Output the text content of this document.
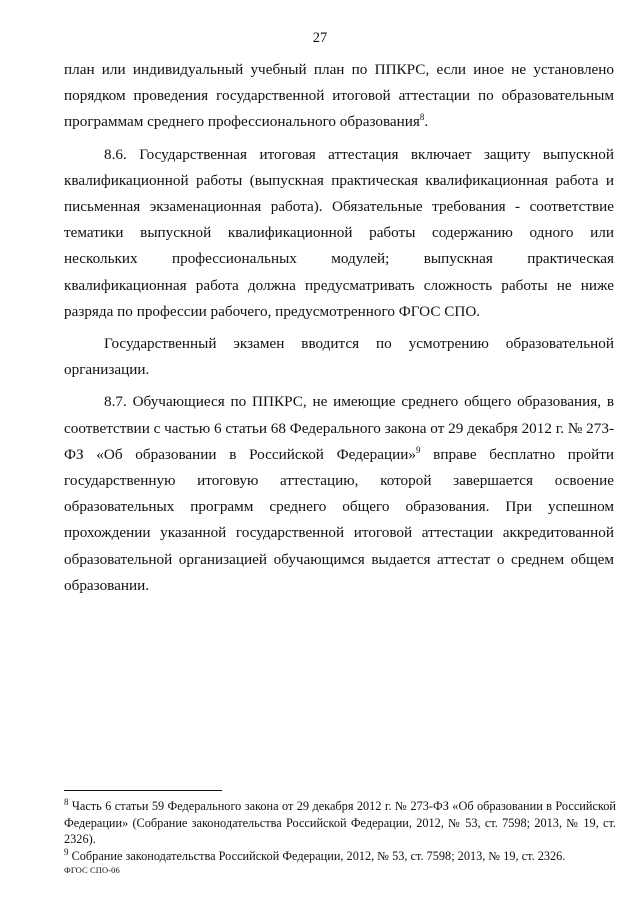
27

план или индивидуальный учебный план по ППКРС, если иное не установлено порядком проведения государственной итоговой аттестации по образовательным программам среднего профессионального образования$^8$.

8.6. Государственная итоговая аттестация включает защиту выпускной квалификационной работы (выпускная практическая квалификационная работа и письменная экзаменационная работа). Обязательные требования - соответствие тематики выпускной квалификационной работы содержанию одного или нескольких профессиональных модулей; выпускная практическая квалификационная работа должна предусматривать сложность работы не ниже разряда по профессии рабочего, предусмотренного ФГОС СПО.

Государственный экзамен вводится по усмотрению образовательной организации.

8.7. Обучающиеся по ППКРС, не имеющие среднего общего образования, в соответствии с частью 6 статьи 68 Федерального закона от 29 декабря 2012 г. № 273-ФЗ «Об образовании в Российской Федерации»$^9$ вправе бесплатно пройти государственную итоговую аттестацию, которой завершается освоение образовательных программ среднего общего образования. При успешном прохождении указанной государственной итоговой аттестации аккредитованной образовательной организацией обучающимся выдается аттестат о среднем общем образовании.

$^8$ Часть 6 статьи 59 Федерального закона от 29 декабря 2012 г. № 273-ФЗ «Об образовании в Российской Федерации» (Собрание законодательства Российской Федерации, 2012, № 53, ст. 7598; 2013, № 19, ст. 2326).

$^9$ Собрание законодательства Российской Федерации, 2012, № 53, ст. 7598; 2013, № 19, ст. 2326.

ФГОС СПО-06
